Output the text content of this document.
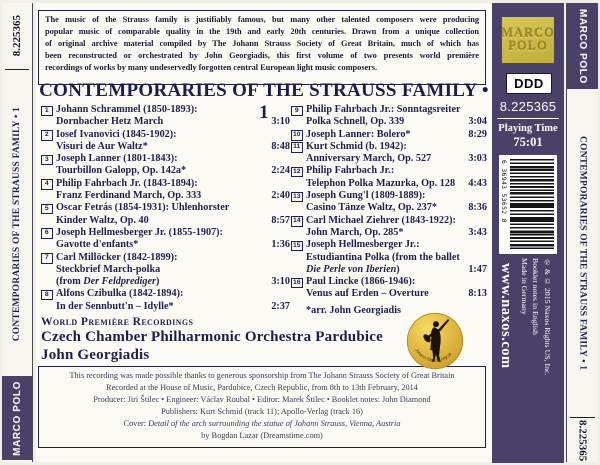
8.225365
CONTEMPORARIES OF THE STRAUSS FAMILY • 1
MARCO POLO
The music of the Strauss family is justifiably famous, but many other talented composers were producing
popular music of comparable quality in the 19th and early 20th centuries. Drawn from a unique collection
of original archive material compiled by The Johann Strauss Society of Great Britain, much of which has
been reconstructed or orchestrated by John Georgiadis, this first volume of two presents world première
recordings of works by many undeservedly forgotten central European light music composers.
CONTEMPORARIES OF THE STRAUSS FAMILY • 1
1 Johann Schrammel (1850-1893):
Dornbacher Hetz March	3:10
2 Iosef Ivanovici (1845-1902):
Visuri de Aur Waltz*	8:48
3 Joseph Lanner (1801-1843):
Tourbillon Galopp, Op. 142a*	2:24
4 Philip Fahrbach Jr. (1843-1894):
Franz Ferdinand March, Op. 333	2:40
5 Oscar Fetrás (1854-1931): Uhlenhorster
Kinder Waltz, Op. 40	8:57
6 Joseph Hellmesberger Jr. (1855-1907):
Gavotte d'enfants*	1:36
7 Carl Millöcker (1842-1899):
Steckbrief March-polka
(from Der Feldprediger)	3:10
8 Alfons Czibulka (1842-1894):
In der Sennbutt'n – Idylle*	2:37
9 Philip Fahrbach Jr.: Sonntagsreiter
Polka Schnell, Op. 339	3:04
10 Joseph Lanner: Bolero*	8:29
11 Kurt Schmid (b. 1942):
Anniversary March, Op. 527	3:03
12 Philip Fahrbach Jr.:
Telephon Polka Mazurka, Op. 128	4:43
13 Joseph Gung'l (1809-1889):
Casino Tänze Waltz, Op. 237*	8:36
14 Carl Michael Ziehrer (1843-1922):
John March, Op. 285*	3:43
15 Joseph Hellmesberger Jr.:
Estudiantina Polka (from the ballet
Die Perle von Iberien)	1:47
16 Paul Lincke (1866-1946):
Venus auf Erden – Overture	8:13
*arr. John Georgiadis
World Première Recordings
Czech Chamber Philharmonic Orchestra Pardubice
John Georgiadis	Johann-Strauss.org.uk
This recording was made possible thanks to generous sponsorship from The Johann Strauss Society of Great Britain
Recorded at the House of Music, Pardubice, Czech Republic, from 8th to 13th February, 2014
Producer: Jiri Štilec • Engineer: Václav Roubal • Editor: Marek Štilec • Booklet notes: John Diamond
Publishers: Kurt Schmid (track 11); Apollo-Verlag (track 16)
Cover: Detail of the arch surrounding the statue of Johann Strauss, Vienna, Austria
by Bogdan Lazar (Dreamstime.com)
MARCO
POLO
DDD
8.225365
Playing Time
75:01
6 36943 53652 0
℗ & © 2015 Naxos Rights US, Inc.
Booklet notes in English
Made in Germany
www.naxos.com
MARCO POLO
CONTEMPORARIES OF THE STRAUSS FAMILY • 1
8.225365
